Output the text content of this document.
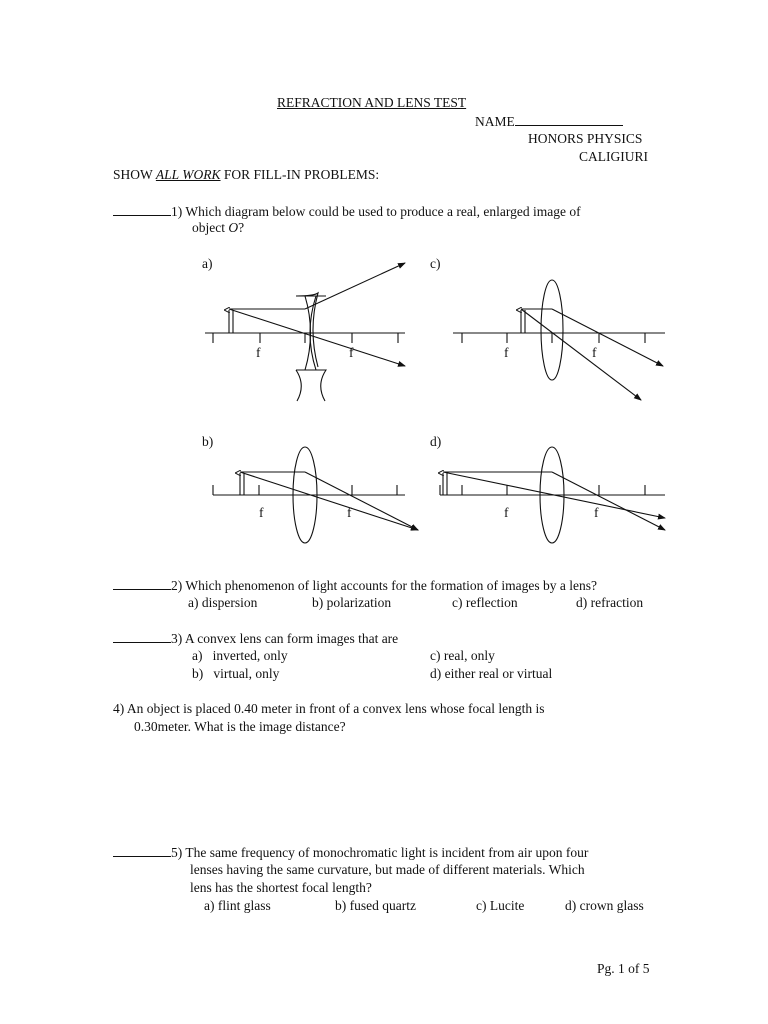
REFRACTION AND LENS TEST
NAME
HONORS PHYSICS
CALIGIURI
SHOW ALL WORK FOR FILL-IN PROBLEMS:
1) Which diagram below could be used to produce a real, enlarged image of
object O?
a)
f	f
c)
f	f
b)
f	f
d)
f	f
2) Which phenomenon of light accounts for the formation of images by a lens?
a) dispersion	b) polarization	c) reflection	d) refraction
3) A convex lens can form images that are
a)   inverted, only	c) real, only
b)   virtual, only	d) either real or virtual
4) An object is placed 0.40 meter in front of a convex lens whose focal length is
0.30meter. What is the image distance?
5) The same frequency of monochromatic light is incident from air upon four
lenses having the same curvature, but made of different materials. Which
lens has the shortest focal length?
a) flint glass	b) fused quartz	c) Lucite	d) crown glass
Pg. 1 of 5
